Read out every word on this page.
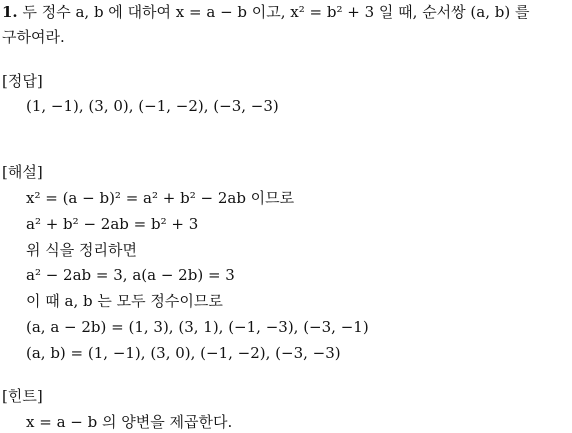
1. 두 정수 a, b 에 대하여 x = a − b 이고, x² = b² + 3 일 때, 순서쌍 (a, b) 를
구하여라.
[정답]
(1, −1), (3, 0), (−1, −2), (−3, −3)
[해설]
x² = (a − b)² = a² + b² − 2ab 이므로
a² + b² − 2ab = b² + 3
위 식을 정리하면
a² − 2ab = 3, a(a − 2b) = 3
이 때 a, b 는 모두 정수이므로
(a, a − 2b) = (1, 3), (3, 1), (−1, −3), (−3, −1)
(a, b) = (1, −1), (3, 0), (−1, −2), (−3, −3)
[힌트]
x = a − b 의 양변을 제곱한다.
